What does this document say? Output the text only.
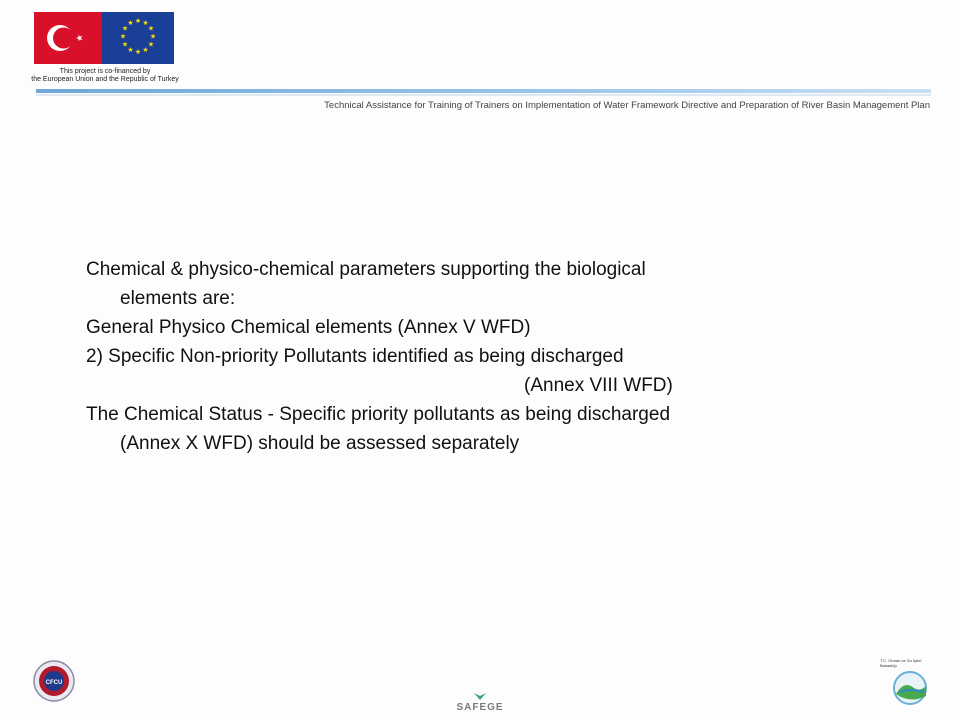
★ ★
★
★
★
★
★
★
★
★
★
★
This project is co-financed by
the European Union and the Republic of Turkey
Technical Assistance for Training of Trainers on Implementation of Water Framework Directive and Preparation of River Basin Management Plan

Chemical & physico-chemical parameters supporting the biological

elements are:

General Physico Chemical elements (Annex V WFD)

2) Specific Non-priority Pollutants identified as being discharged

(Annex VIII WFD)

The Chemical Status - Specific priority pollutants as being discharged

(Annex X WFD) should be assessed separately

CFCU
SAFEGE
T.C. Orman ve Su İşleri Bakanlığı
